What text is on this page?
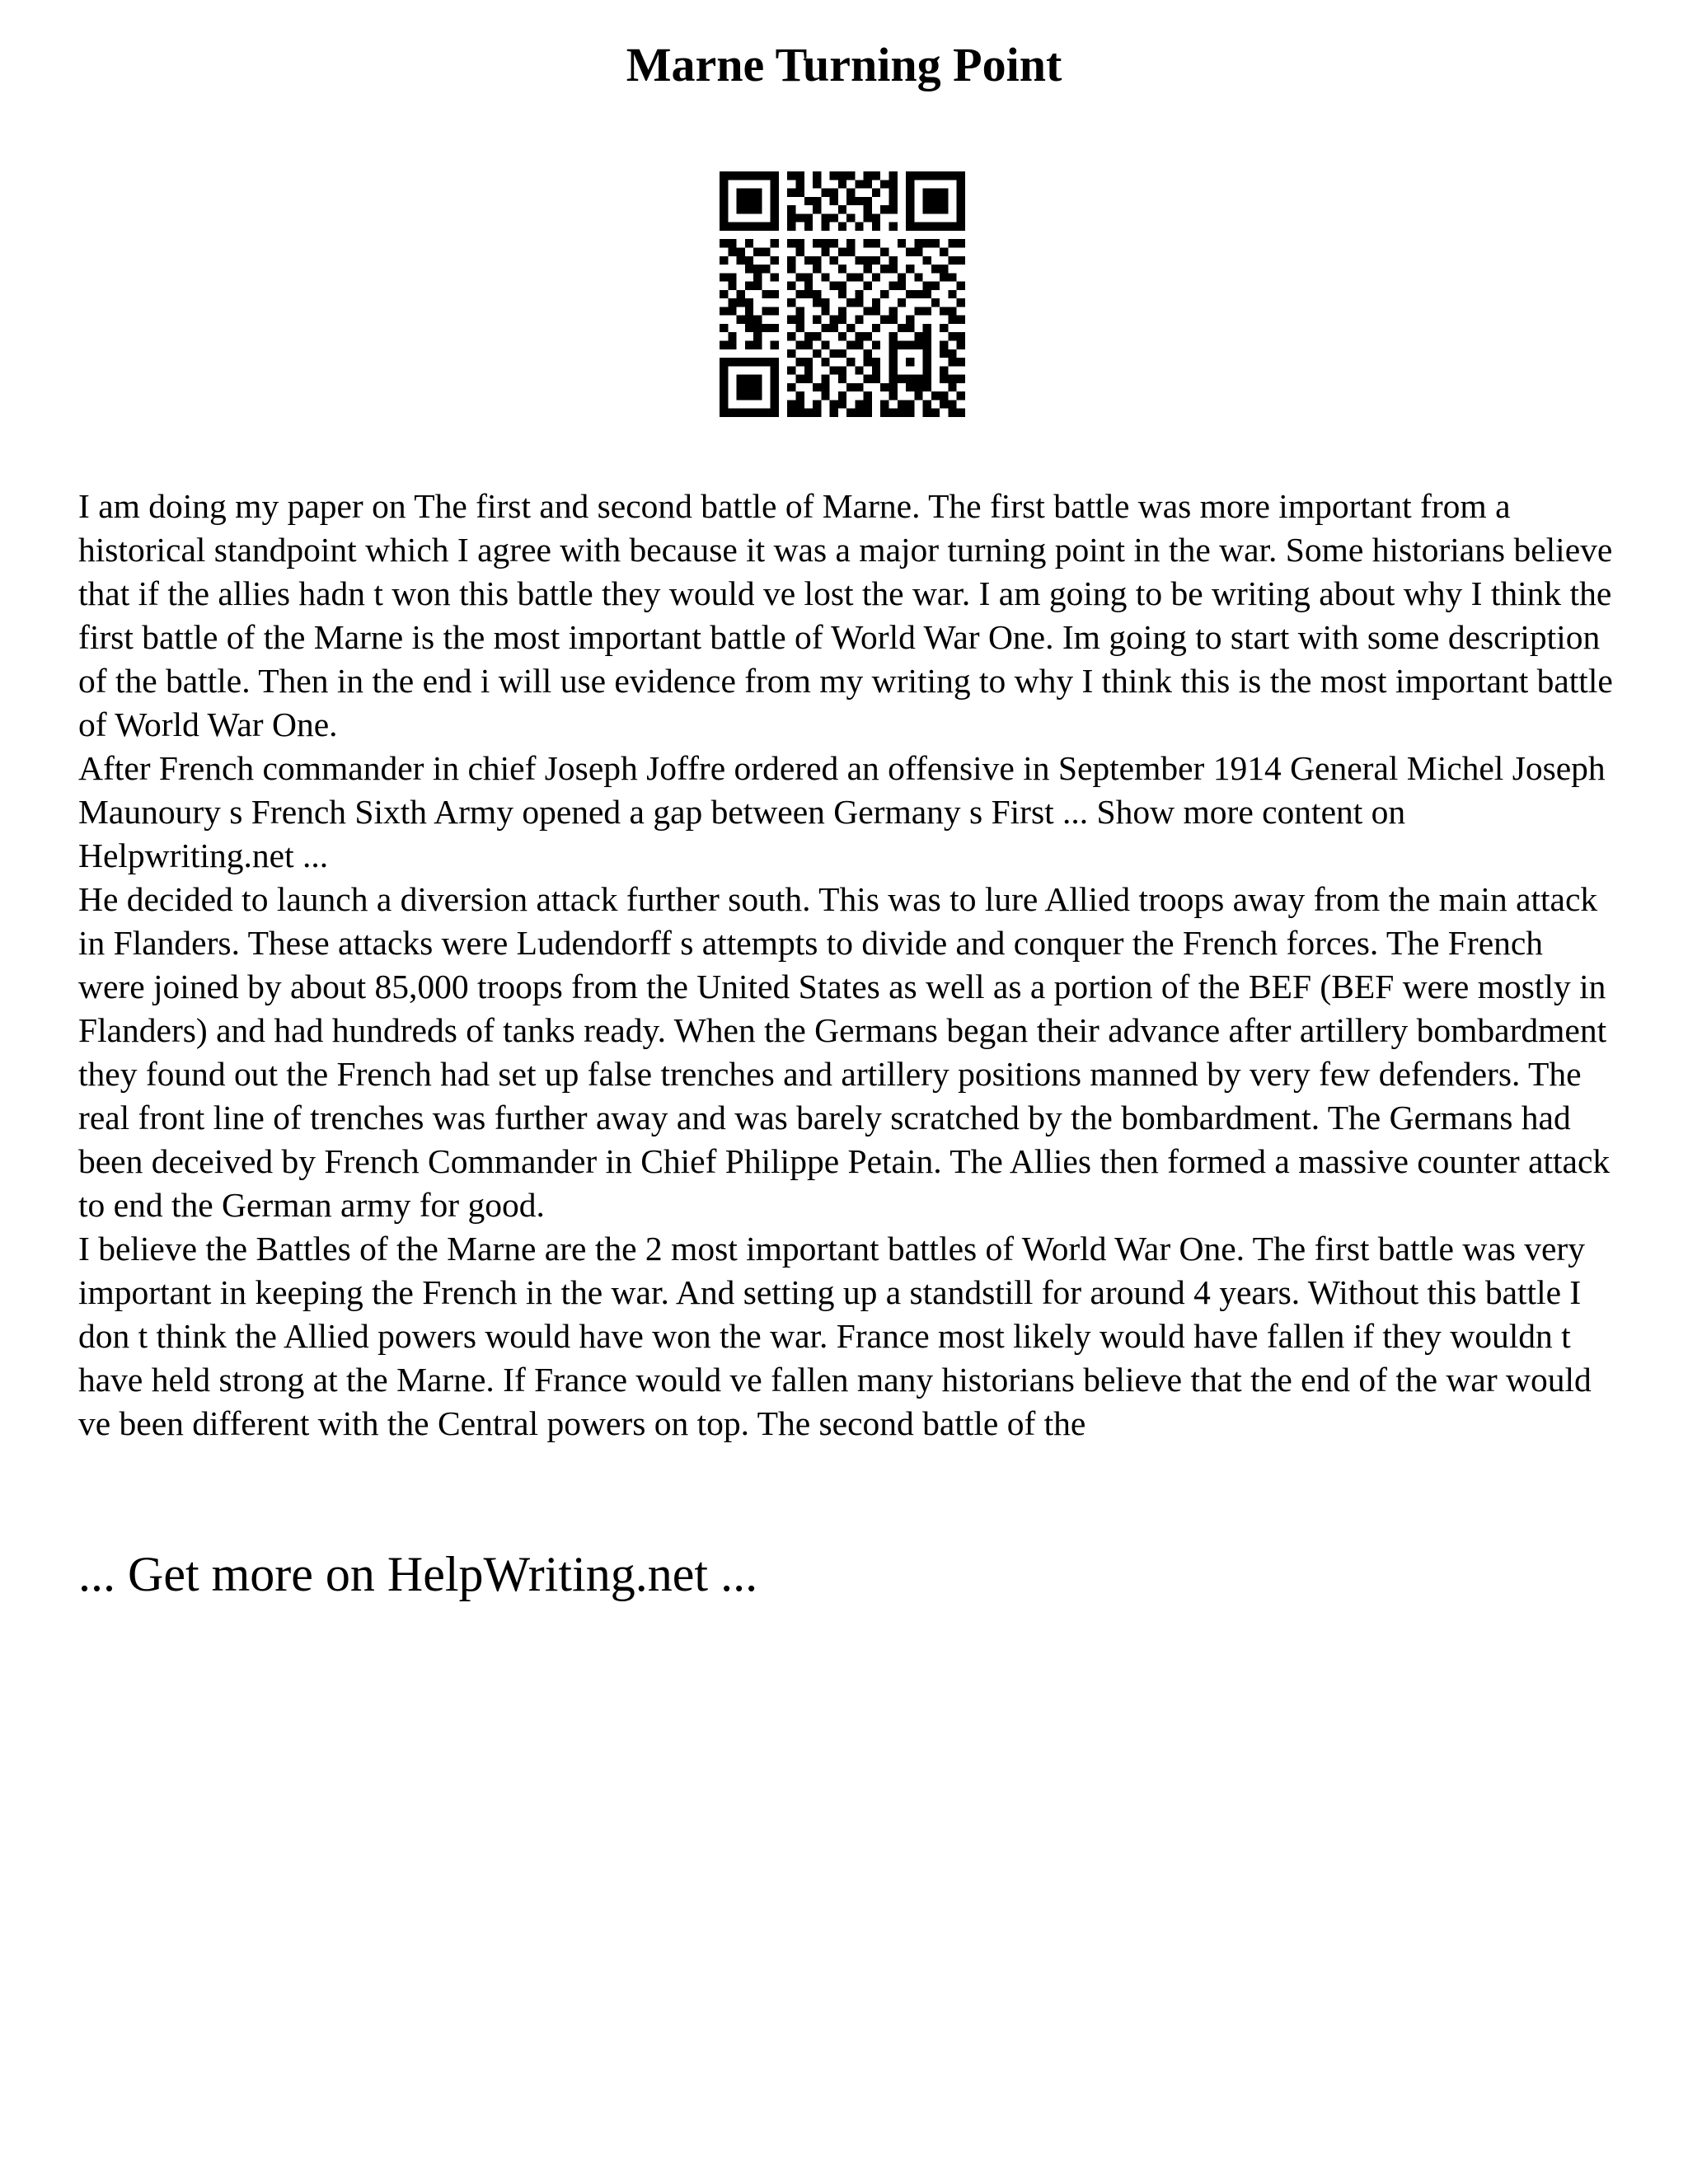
Marne Turning Point

I am doing my paper on The first and second battle of Marne. The first battle was more important from a historical standpoint which I agree with because it was a major turning point in the war. Some historians believe that if the allies hadn t won this battle they would ve lost the war. I am going to be writing about why I think the first battle of the Marne is the most important battle of World War One. Im going to start with some description of the battle. Then in the end i will use evidence from my writing to why I think this is the most important battle of World War One.

After French commander in chief Joseph Joffre ordered an offensive in September 1914 General Michel Joseph Maunoury s French Sixth Army opened a gap between Germany s First ... Show more content on Helpwriting.net ...

He decided to launch a diversion attack further south. This was to lure Allied troops away from the main attack in Flanders. These attacks were Ludendorff s attempts to divide and conquer the French forces. The French were joined by about 85,000 troops from the United States as well as a portion of the BEF (BEF were mostly in Flanders) and had hundreds of tanks ready. When the Germans began their advance after artillery bombardment they found out the French had set up false trenches and artillery positions manned by very few defenders. The real front line of trenches was further away and was barely scratched by the bombardment. The Germans had been deceived by French Commander in Chief Philippe Petain. The Allies then formed a massive counter attack to end the German army for good.

I believe the Battles of the Marne are the 2 most important battles of World War One. The first battle was very important in keeping the French in the war. And setting up a standstill for around 4 years. Without this battle I don t think the Allied powers would have won the war. France most likely would have fallen if they wouldn t have held strong at the Marne. If France would ve fallen many historians believe that the end of the war would ve been different with the Central powers on top. The second battle of the

... Get more on HelpWriting.net ...
